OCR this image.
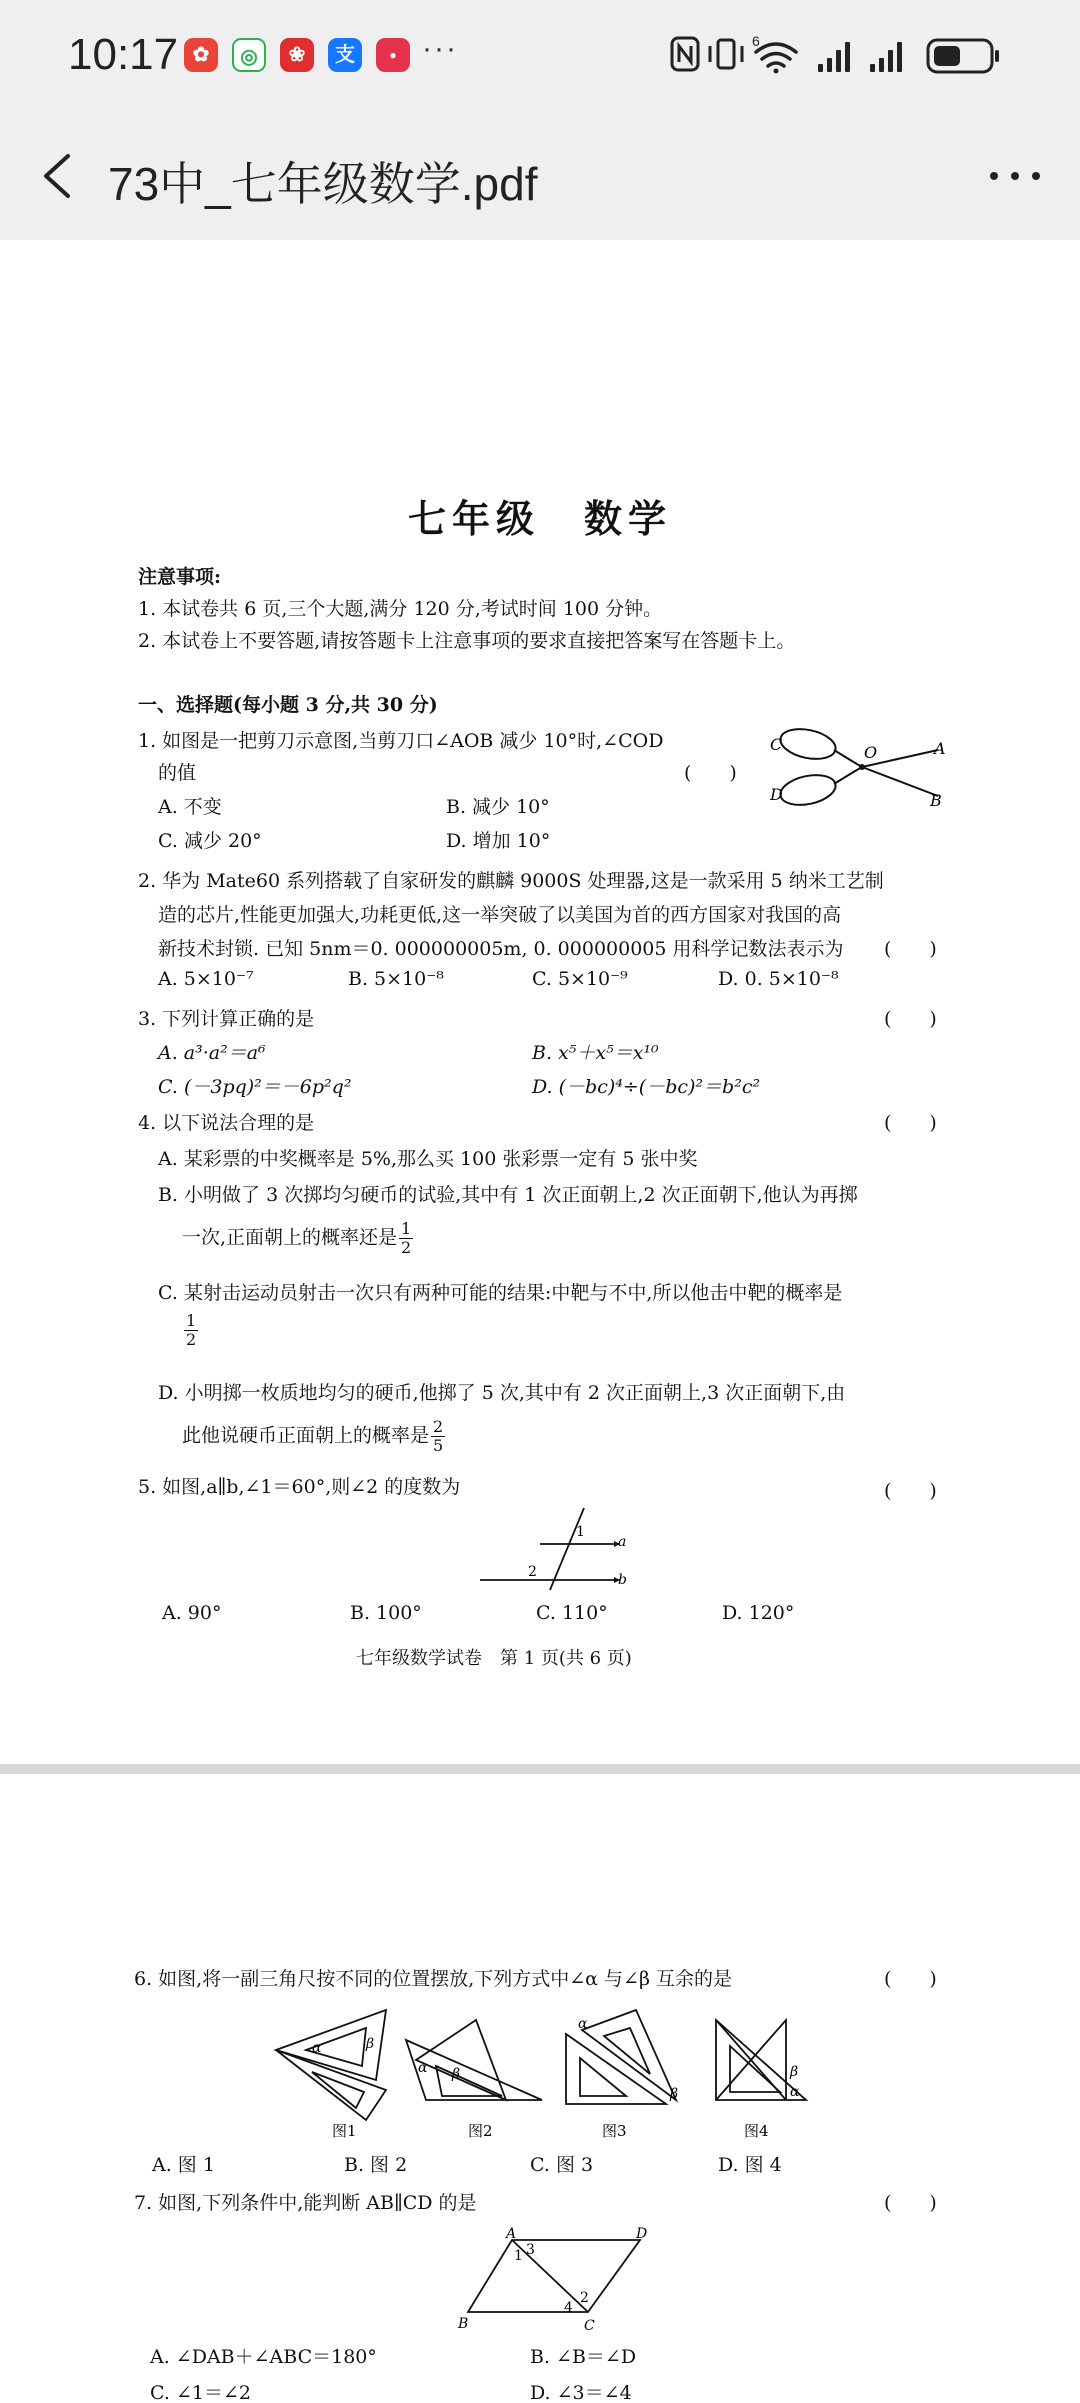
10:17 ✿	◎	❀	支	● ···	6
73中_七年级数学.pdf
七年级　数学
注意事项:
1. 本试卷共 6 页,三个大题,满分 120 分,考试时间 100 分钟。
2. 本试卷上不要答题,请按答题卡上注意事项的要求直接把答案写在答题卡上。
一、选择题(每小题 3 分,共 30 分)
1. 如图是一把剪刀示意图,当剪刀口∠AOB 减少 10°时,∠COD
的值	(　　)
A. 不变	B. 减少 10°
C. 减少 20°	D. 增加 10°
C
D
O	A
B
2. 华为 Mate60 系列搭载了自家研发的麒麟 9000S 处理器,这是一款采用 5 纳米工艺制
造的芯片,性能更加强大,功耗更低,这一举突破了以美国为首的西方国家对我国的高
新技术封锁. 已知 5nm＝0. 000000005m, 0. 000000005 用科学记数法表示为 (　　)
A. 5×10⁻⁷	B. 5×10⁻⁸	C. 5×10⁻⁹	D. 0. 5×10⁻⁸
3. 下列计算正确的是	(　　)
A. a³·a²＝a⁶	B. x⁵＋x⁵＝x¹⁰
C. (－3pq)²＝－6p²q²	D. (－bc)⁴÷(－bc)²＝b²c²
4. 以下说法合理的是	(　　)
A. 某彩票的中奖概率是 5%,那么买 100 张彩票一定有 5 张中奖
B. 小明做了 3 次掷均匀硬币的试验,其中有 1 次正面朝上,2 次正面朝下,他认为再掷
一次,正面朝上的概率还是 $\frac{1}{2}$
C. 某射击运动员射击一次只有两种可能的结果:中靶与不中,所以他击中靶的概率是
$\frac{1}{2}$
D. 小明掷一枚质地均匀的硬币,他掷了 5 次,其中有 2 次正面朝上,3 次正面朝下,由
此他说硬币正面朝上的概率是 $\frac{2}{5}$
5. 如图,a∥b,∠1＝60°,则∠2 的度数为	(　　)
1
2
a
b
A. 90°	B. 100°	C. 110°	D. 120°
七年级数学试卷　第 1 页(共 6 页)
6. 如图,将一副三角尺按不同的位置摆放,下列方式中∠α 与∠β 互余的是	(　　)
α	β
α β
α
β
β
α
图1	图2	图3	图4
A. 图 1	B. 图 2	C. 图 3	D. 图 4
7. 如图,下列条件中,能判断 AB∥CD 的是	(　　)
A	D
B	C
1 3
2
4
A. ∠DAB＋∠ABC＝180°	B. ∠B＝∠D
C. ∠1＝∠2	D. ∠3＝∠4
